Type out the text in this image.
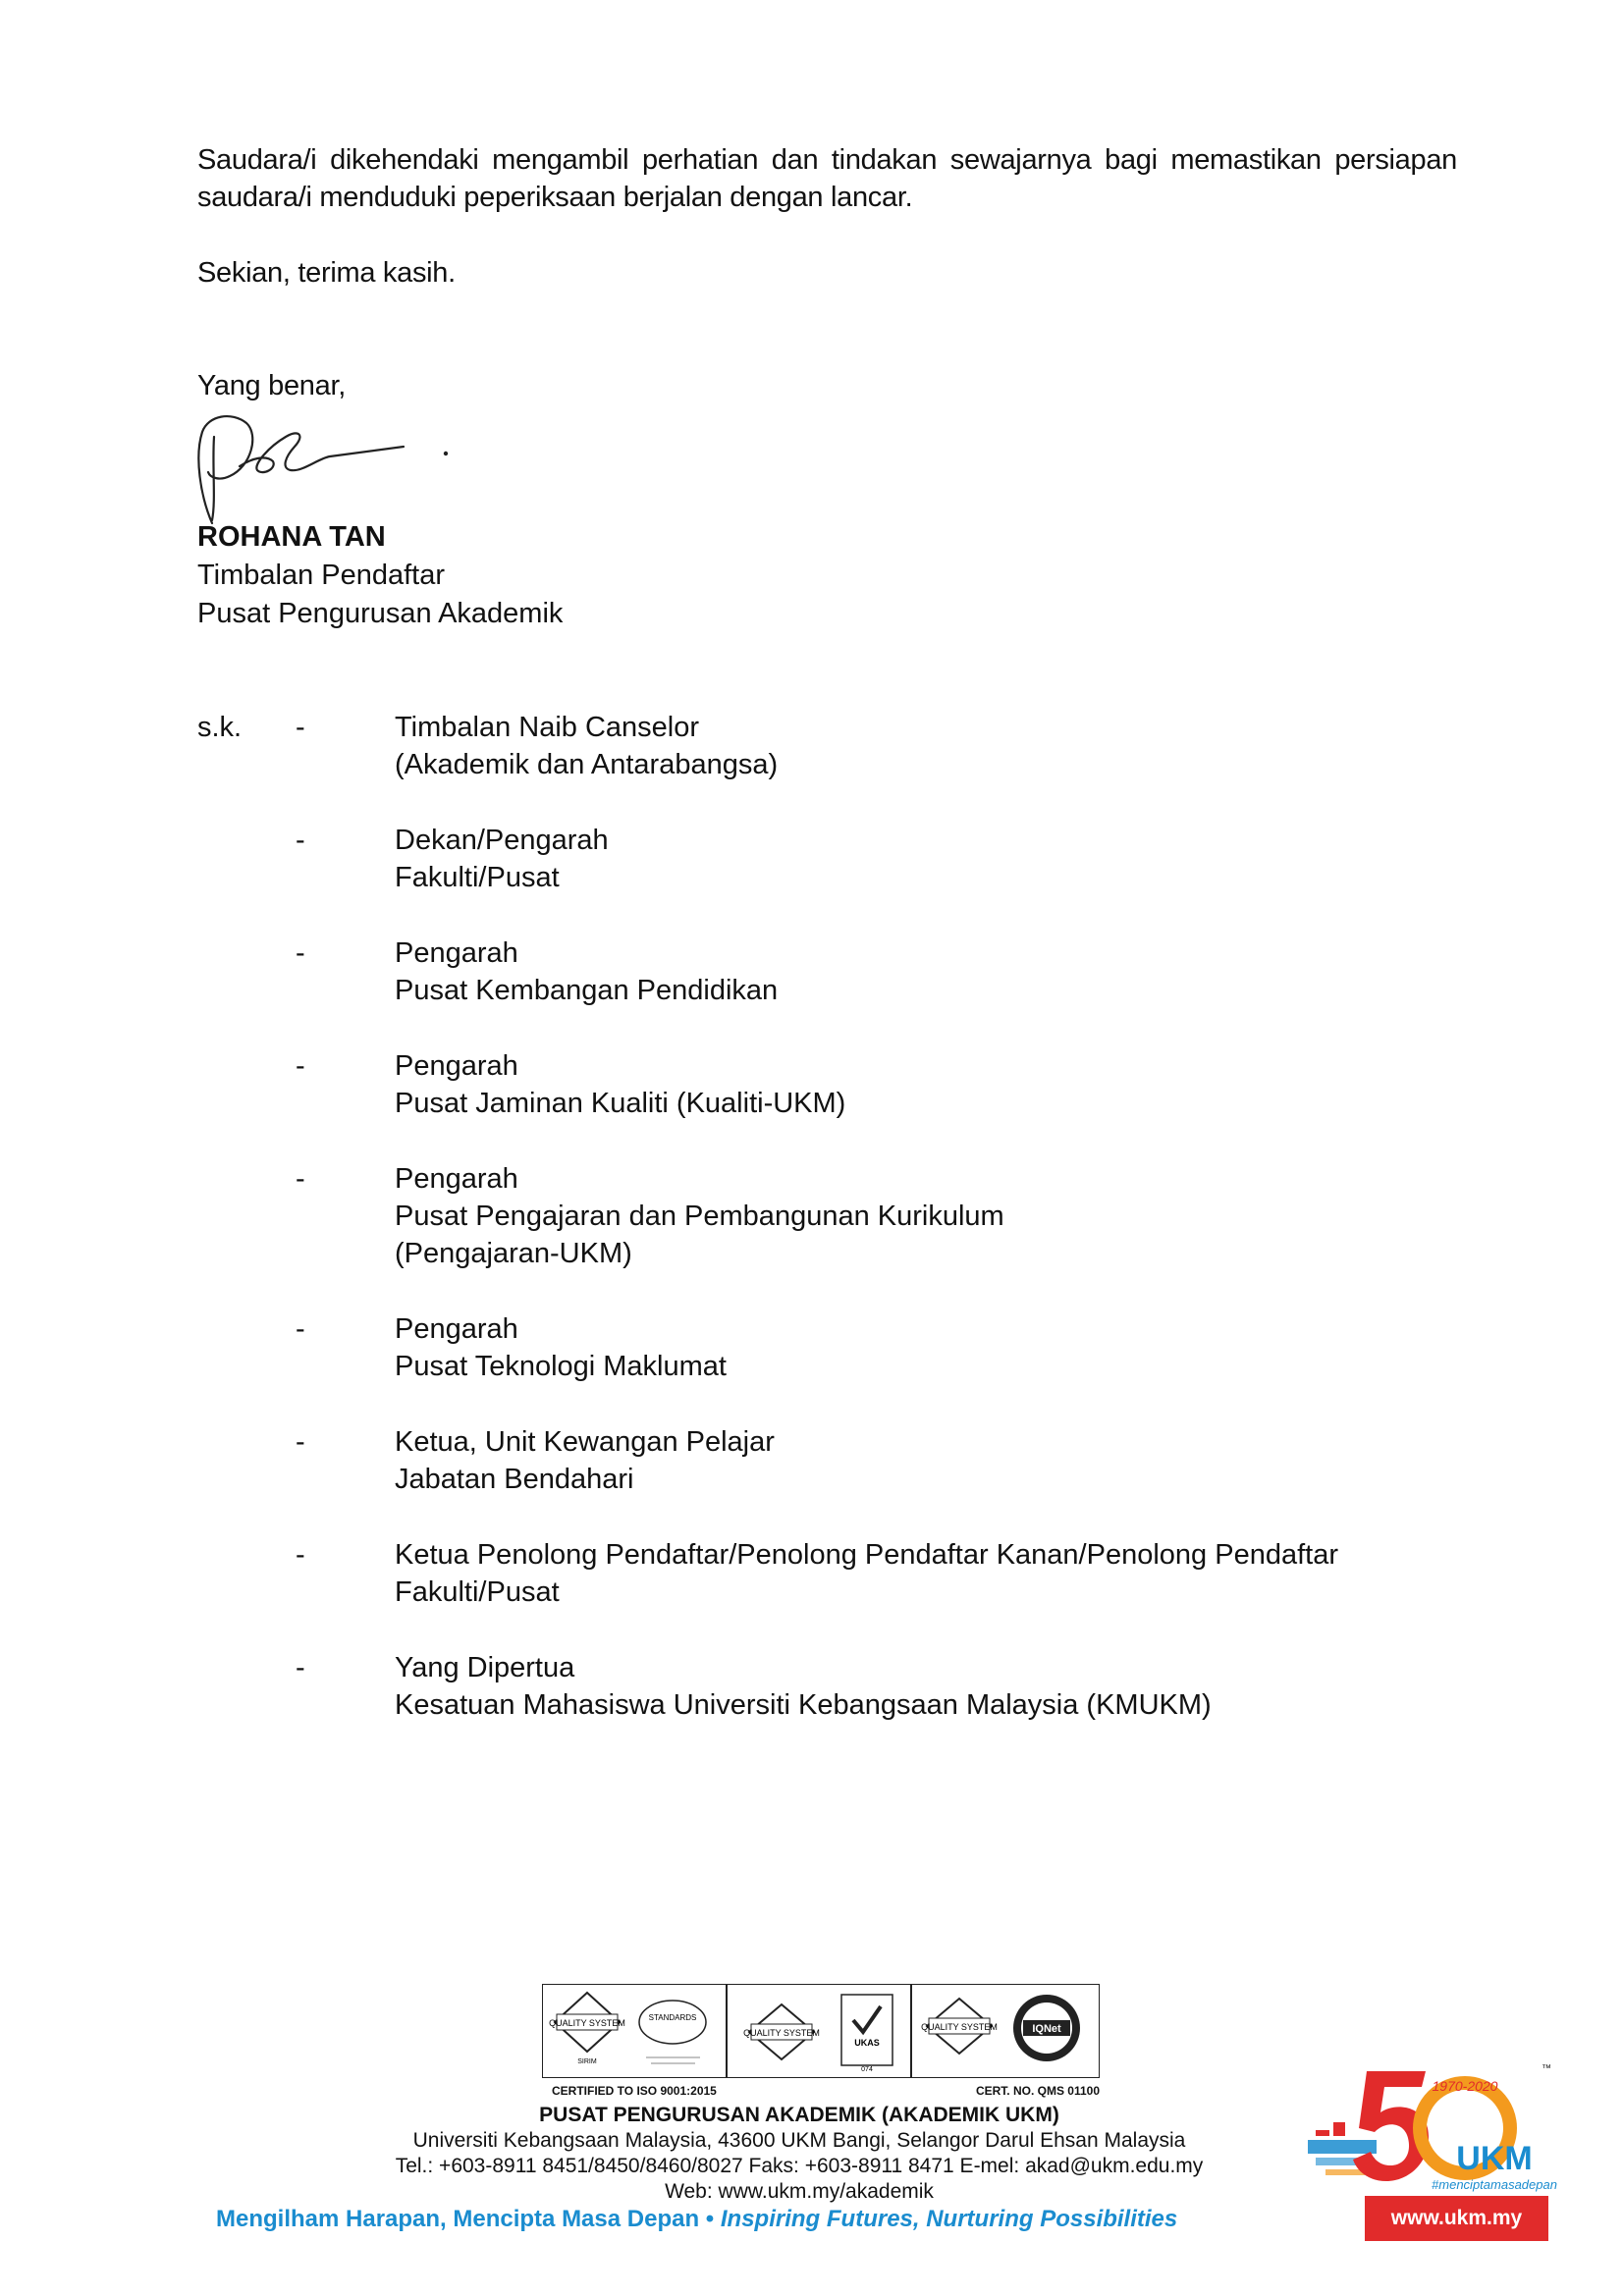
Saudara/i dikehendaki mengambil perhatian dan tindakan sewajarnya bagi memastikan persiapan saudara/i menduduki peperiksaan berjalan dengan lancar.
Sekian, terima kasih.
Yang benar,
ROHANA TAN
Timbalan Pendaftar
Pusat Pengurusan Akademik
s.k. -	Timbalan Naib Canselor
(Akademik dan Antarabangsa)
-	Dekan/Pengarah
Fakulti/Pusat
-	Pengarah
Pusat Kembangan Pendidikan
-	Pengarah
Pusat Jaminan Kualiti (Kualiti-UKM)
-	Pengarah
Pusat Pengajaran dan Pembangunan Kurikulum
(Pengajaran-UKM)
-	Pengarah
Pusat Teknologi Maklumat
-	Ketua, Unit Kewangan Pelajar
Jabatan Bendahari
-	Ketua Penolong Pendaftar/Penolong Pendaftar Kanan/Penolong Pendaftar
Fakulti/Pusat
-	Yang Dipertua
Kesatuan Mahasiswa Universiti Kebangsaan Malaysia (KMUKM)
QUALITY SYSTEM
SIRIM
STANDARDS
QUALITY SYSTEM
UKAS
074
QUALITY SYSTEM	IQNet
CERTIFIED TO ISO 9001:2015	CERT. NO. QMS 01100
PUSAT PENGURUSAN AKADEMIK (AKADEMIK UKM)
Universiti Kebangsaan Malaysia, 43600 UKM Bangi, Selangor Darul Ehsan Malaysia
Tel.: +603-8911 8451/8450/8460/8027 Faks: +603-8911 8471 E-mel: akad@ukm.edu.my
Web: www.ukm.my/akademik
Mengilham Harapan, Mencipta Masa Depan • Inspiring Futures, Nurturing Possibilities
1970-2020
UKM
#menciptamasadepan
™
www.ukm.my
